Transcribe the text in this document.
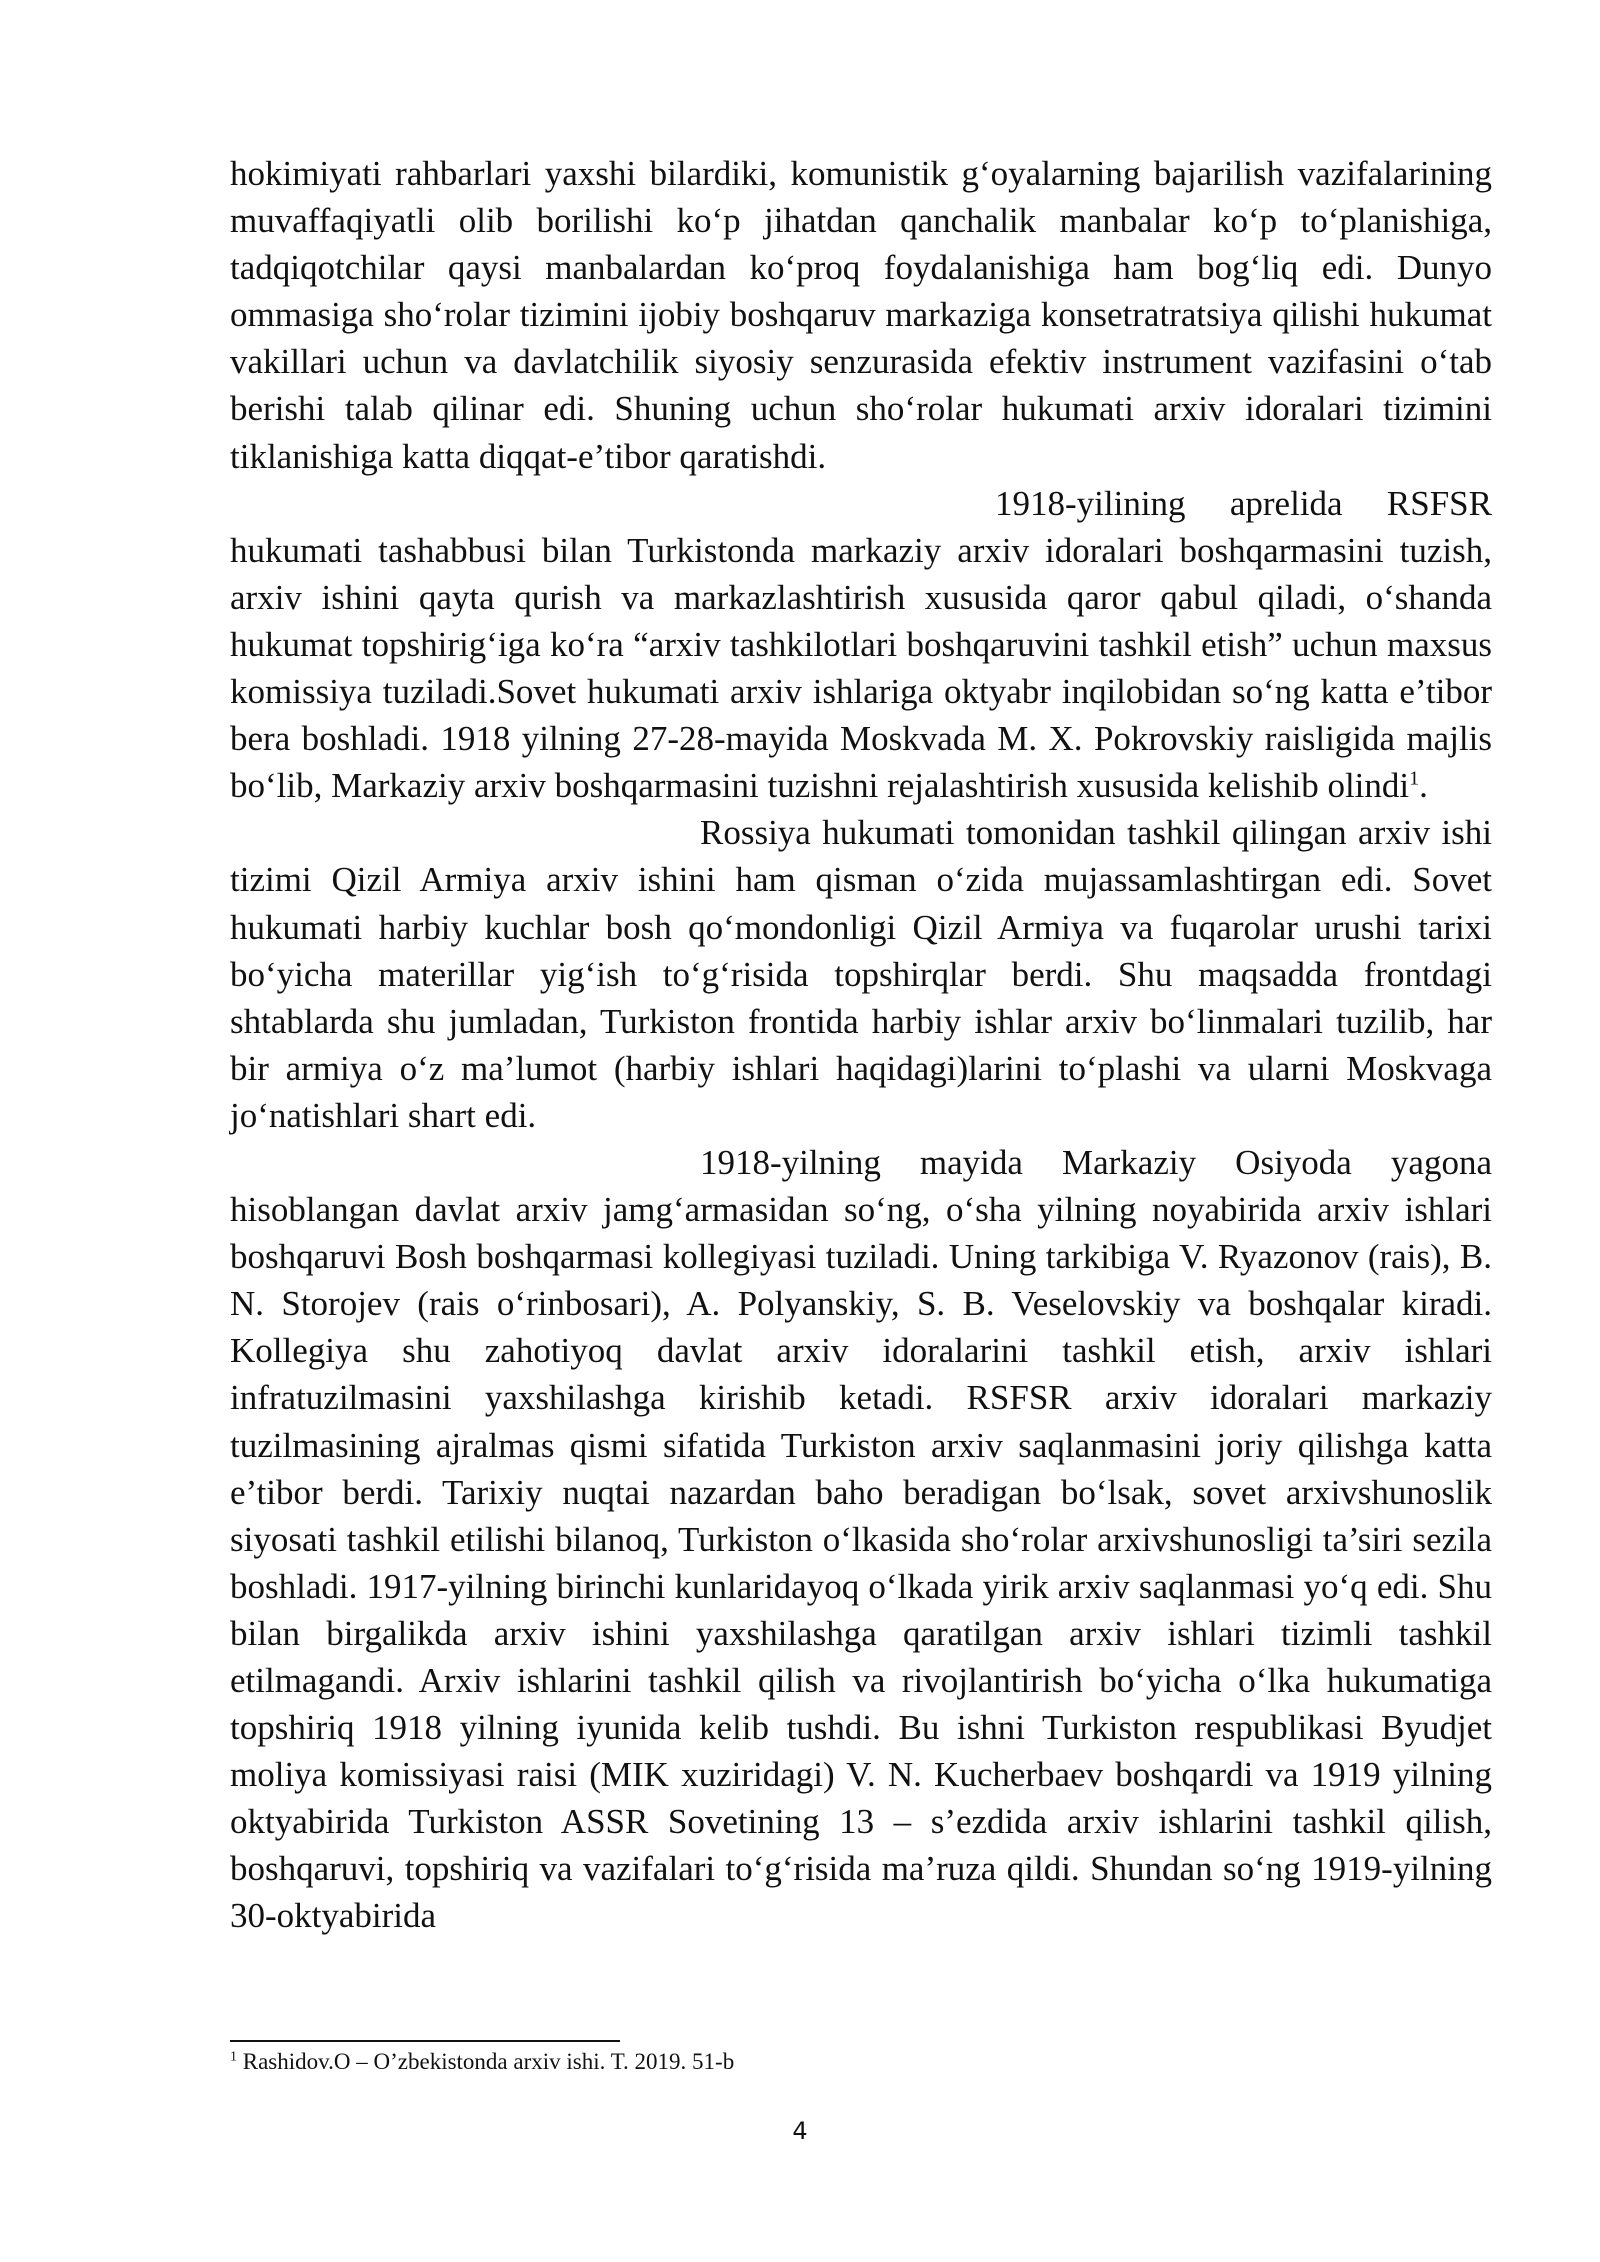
hokimiyati rahbarlari yaxshi bilardiki, komunistik g‘oyalarning bajarilish vazifalarining muvaffaqiyatli olib borilishi ko‘p jihatdan qanchalik manbalar ko‘p to‘planishiga, tadqiqotchilar qaysi manbalardan ko‘proq foydalanishiga ham bog‘liq edi. Dunyo ommasiga sho‘rolar tizimini ijobiy boshqaruv markaziga konsetratratsiya qilishi hukumat vakillari uchun va davlatchilik siyosiy senzurasida efektiv instrument vazifasini o‘tab berishi talab qilinar edi. Shuning uchun sho‘rolar hukumati arxiv idoralari tizimini tiklanishiga katta diqqat-e’tibor qaratishdi.

1918-yilining aprelida RSFSR hukumati tashabbusi bilan Turkistonda markaziy arxiv idoralari boshqarmasini tuzish, arxiv ishini qayta qurish va markazlashtirish xususida qaror qabul qiladi, o‘shanda hukumat topshirig‘iga ko‘ra “arxiv tashkilotlari boshqaruvini tashkil etish” uchun maxsus komissiya tuziladi.Sovet hukumati arxiv ishlariga oktyabr inqilobidan so‘ng katta e’tibor bera boshladi. 1918 yilning 27-28-mayida Moskvada M. X. Pokrovskiy raisligida majlis bo‘lib, Markaziy arxiv boshqarmasini tuzishni rejalashtirish xususida kelishib olindi$^1$.

Rossiya hukumati tomonidan tashkil qilingan arxiv ishi tizimi Qizil Armiya arxiv ishini ham qisman o‘zida mujassamlashtirgan edi. Sovet hukumati harbiy kuchlar bosh qo‘mondonligi Qizil Armiya va fuqarolar urushi tarixi bo‘yicha materillar yig‘ish to‘g‘risida topshirqlar berdi. Shu maqsadda frontdagi shtablarda shu jumladan, Turkiston frontida harbiy ishlar arxiv bo‘linmalari tuzilib, har bir armiya o‘z ma’lumot (harbiy ishlari haqidagi)larini to‘plashi va ularni Moskvaga jo‘natishlari shart edi.

1918-yilning mayida Markaziy Osiyoda yagona hisoblangan davlat arxiv jamg‘armasidan so‘ng, o‘sha yilning noyabirida arxiv ishlari boshqaruvi Bosh boshqarmasi kollegiyasi tuziladi. Uning tarkibiga V. Ryazonov (rais), B. N. Storojev (rais o‘rinbosari), A. Polyanskiy, S. B. Veselovskiy va boshqalar kiradi. Kollegiya shu zahotiyoq davlat arxiv idoralarini tashkil etish, arxiv ishlari infratuzilmasini yaxshilashga kirishib ketadi. RSFSR arxiv idoralari markaziy tuzilmasining ajralmas qismi sifatida Turkiston arxiv saqlanmasini joriy qilishga katta e’tibor berdi. Tarixiy nuqtai nazardan baho beradigan bo‘lsak, sovet arxivshunoslik siyosati tashkil etilishi bilanoq, Turkiston o‘lkasida sho‘rolar arxivshunosligi ta’siri sezila boshladi. 1917-yilning birinchi kunlaridayoq o‘lkada yirik arxiv saqlanmasi yo‘q edi. Shu bilan birgalikda arxiv ishini yaxshilashga qaratilgan arxiv ishlari tizimli tashkil etilmagandi. Arxiv ishlarini tashkil qilish va rivojlantirish bo‘yicha o‘lka hukumatiga topshiriq 1918 yilning iyunida kelib tushdi. Bu ishni Turkiston respublikasi Byudjet moliya komissiyasi raisi (MIK xuziridagi) V. N. Kucherbaev boshqardi va 1919 yilning oktyabirida Turkiston ASSR Sovetining 13 – s’ezdida arxiv ishlarini tashkil qilish, boshqaruvi, topshiriq va vazifalari to‘g‘risida ma’ruza qildi. Shundan so‘ng 1919-yilning 30-oktyabirida

$^1$ Rashidov.O – O’zbekistonda arxiv ishi. T. 2019. 51-b
4
